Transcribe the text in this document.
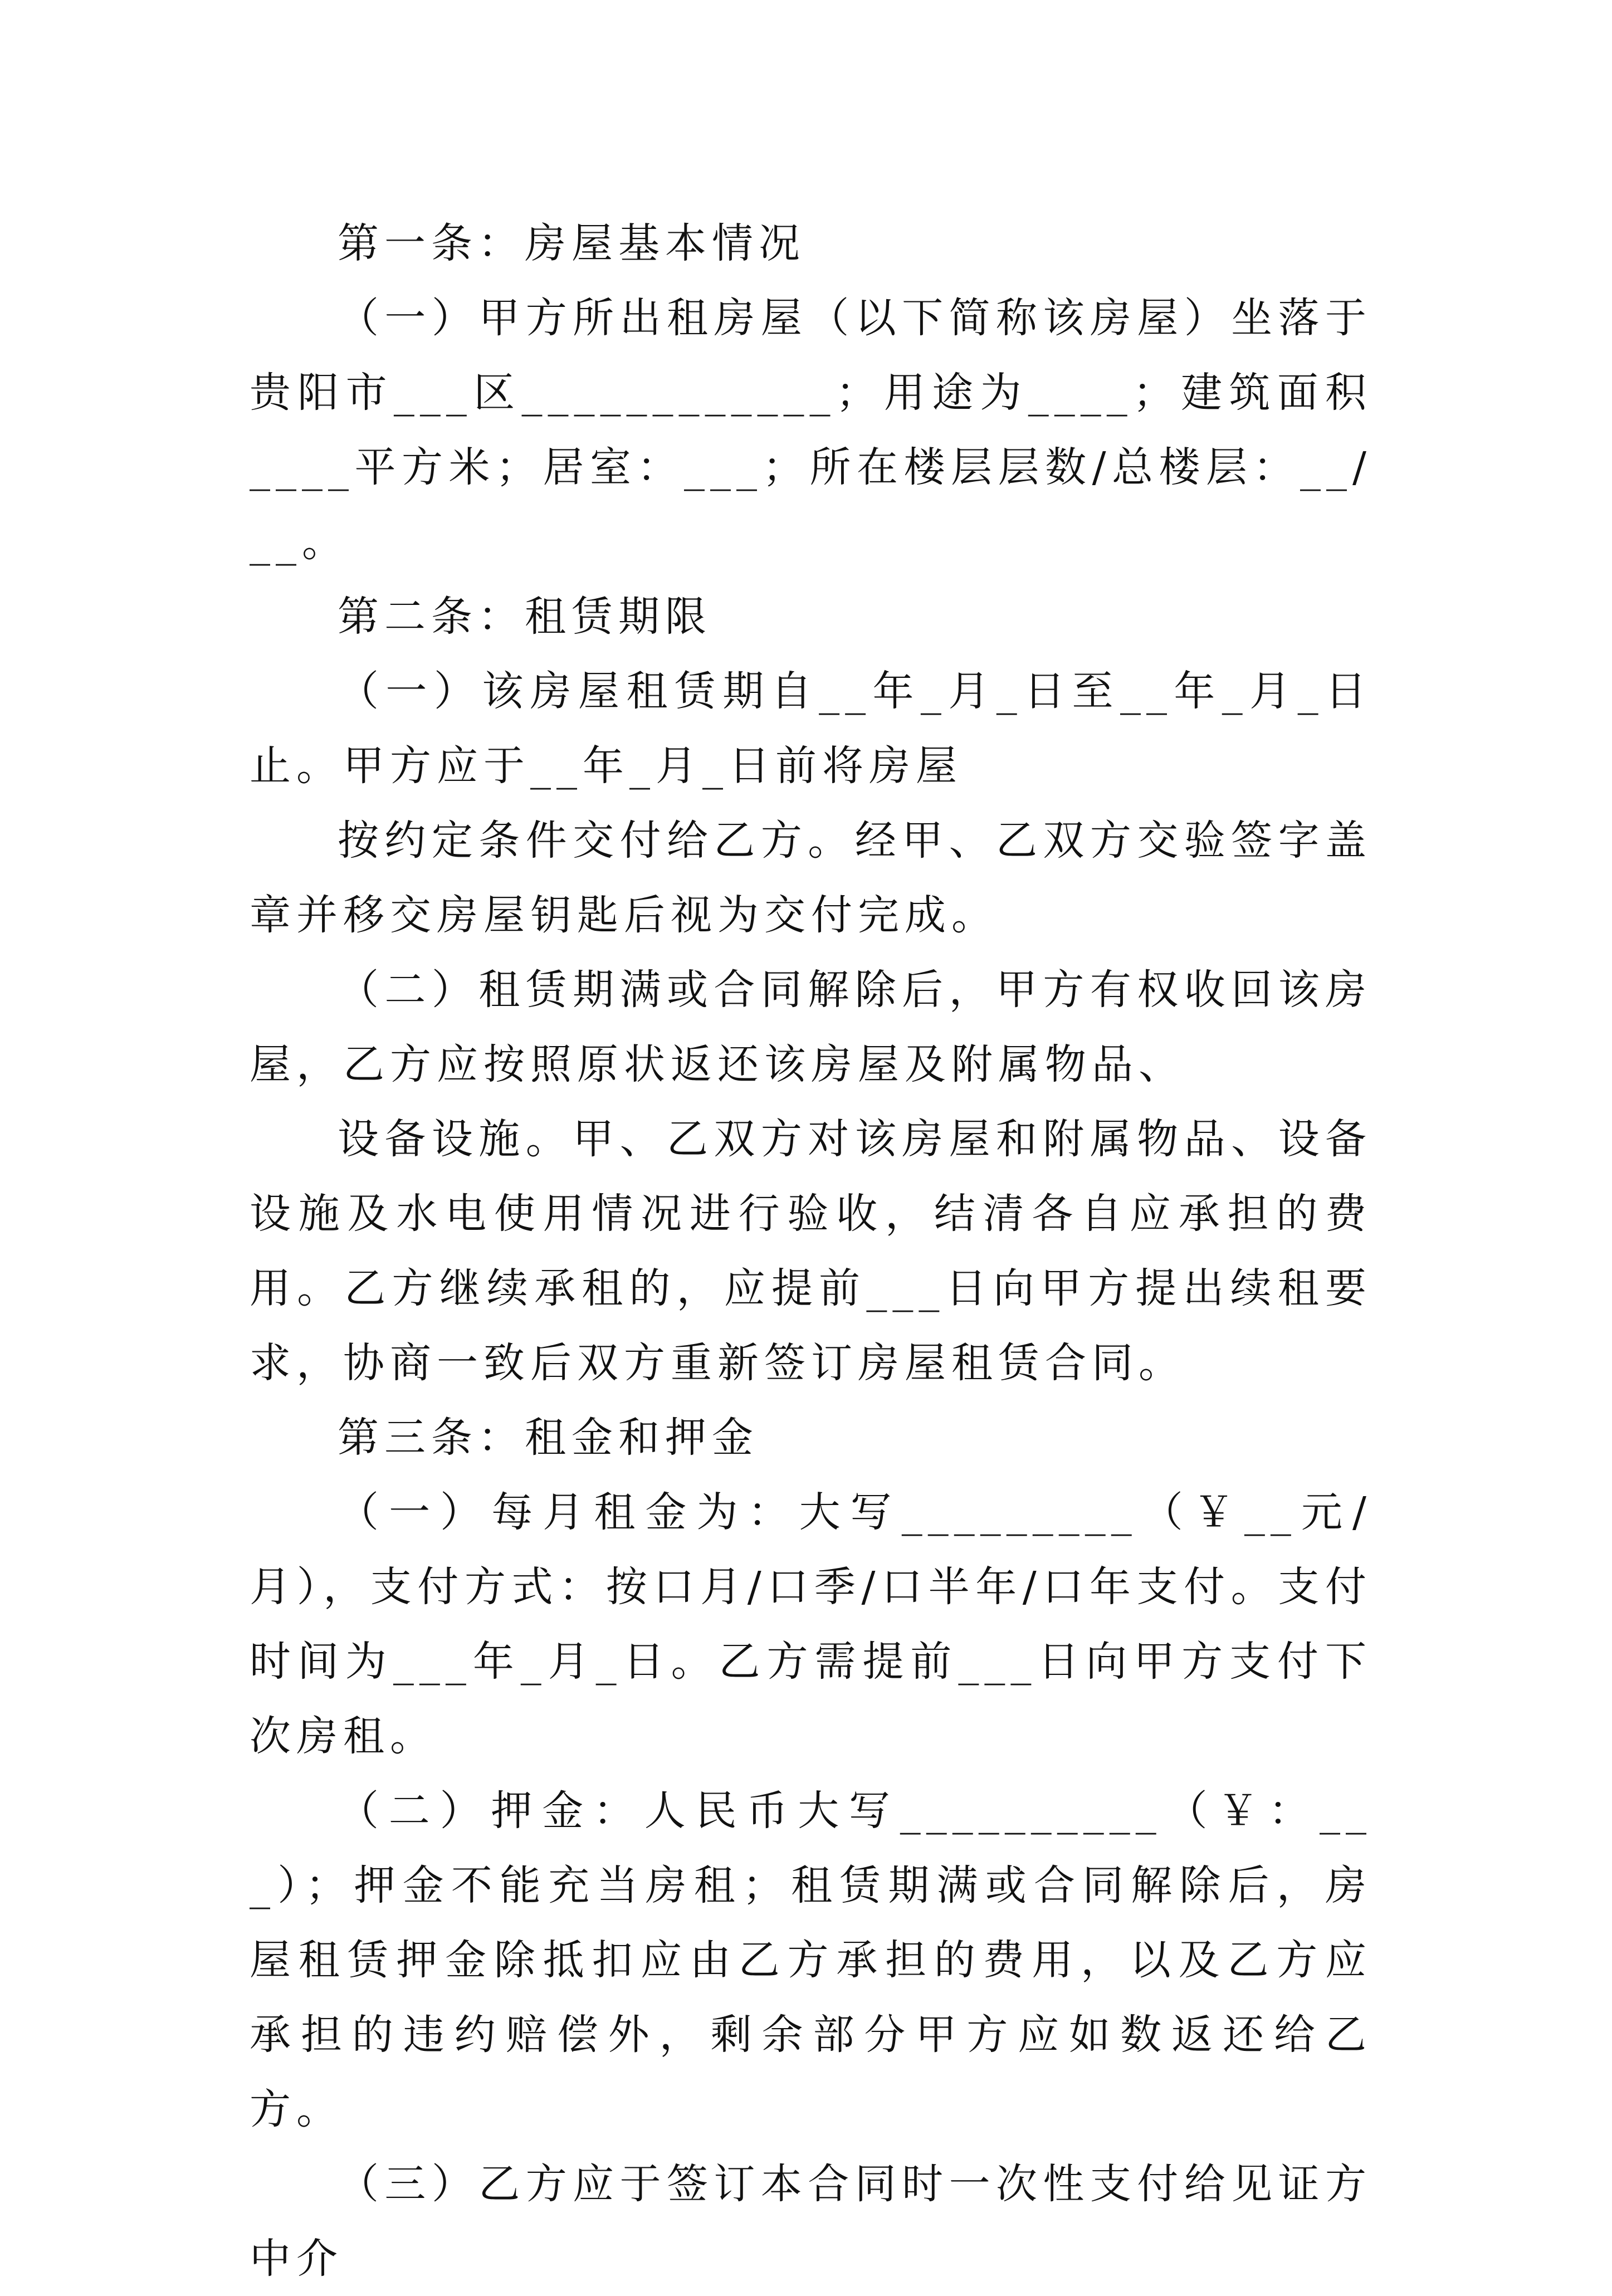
第一条：房屋基本情况

（一）甲方所出租房屋（以下简称该房屋）坐落于贵阳市___区____________；用途为____；建筑面积____平方米；居室：___；所在楼层层数/总楼层：__/__。

第二条：租赁期限

（一）该房屋租赁期自__年_月_日至__年_月_日止。甲方应于__年_月_日前将房屋

按约定条件交付给乙方。经甲、乙双方交验签字盖章并移交房屋钥匙后视为交付完成。

（二）租赁期满或合同解除后，甲方有权收回该房屋，乙方应按照原状返还该房屋及附属物品、

设备设施。甲、乙双方对该房屋和附属物品、设备设施及水电使用情况进行验收，结清各自应承担的费用。乙方继续承租的，应提前___日向甲方提出续租要求，协商一致后双方重新签订房屋租赁合同。

第三条：租金和押金

（一）每月租金为：大写_________（￥__元/月），支付方式：按口月/口季/口半年/口年支付。支付时间为___年_月_日。乙方需提前___日向甲方支付下次房租。

（二）押金：人民币大写__________（￥：___）；押金不能充当房租；租赁期满或合同解除后，房屋租赁押金除抵扣应由乙方承担的费用，以及乙方应承担的违约赔偿外，剩余部分甲方应如数返还给乙方。

（三）乙方应于签订本合同时一次性支付给见证方中介
